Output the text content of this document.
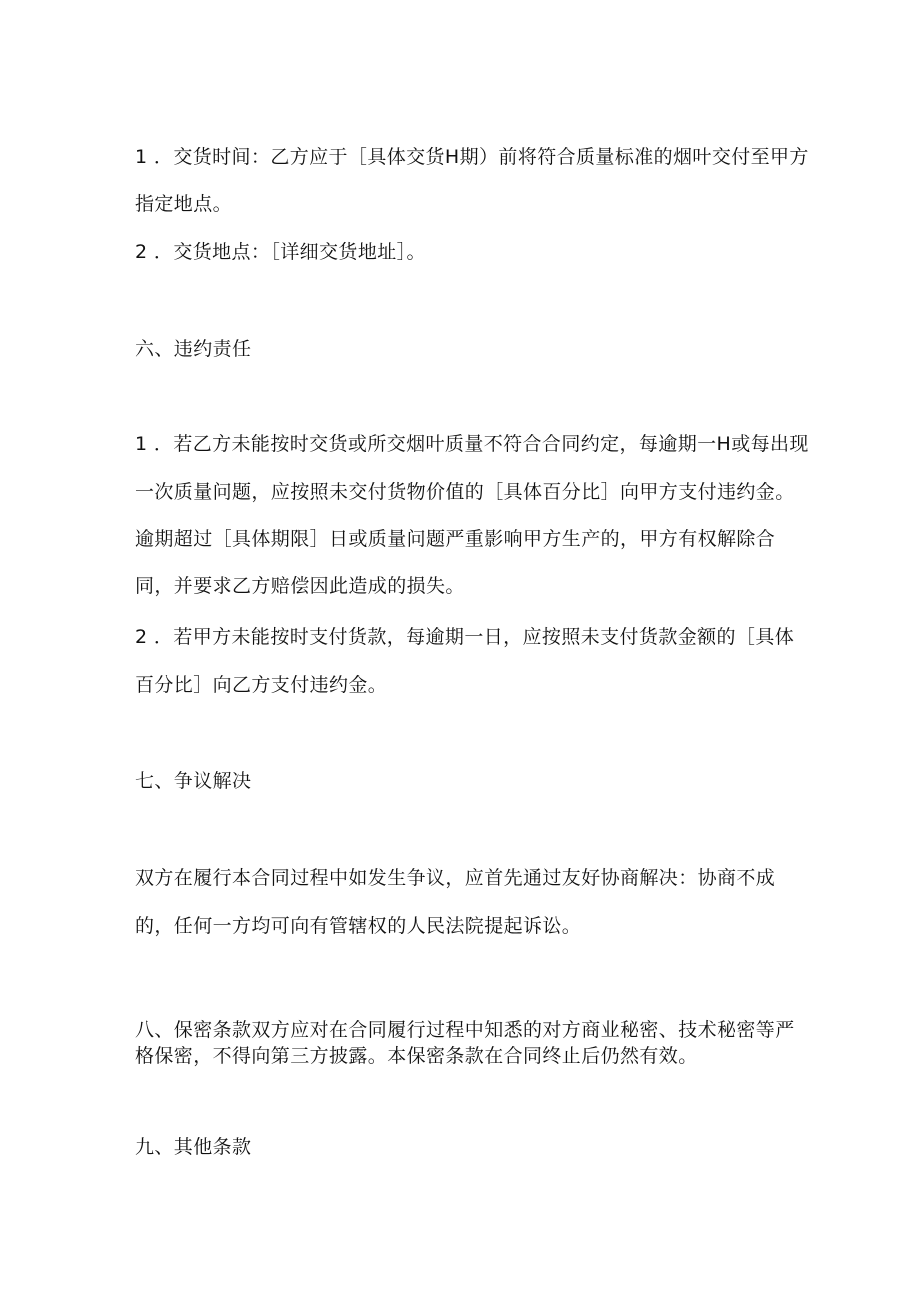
1 ．交货时间：乙方应于［具体交货H期）前将符合质量标准的烟叶交付至甲方
指定地点。
2 ．交货地点：［详细交货地址］。
六、违约责任
1 ．若乙方未能按时交货或所交烟叶质量不符合合同约定，每逾期一H或每出现
一次质量问题，应按照未交付货物价值的［具体百分比］向甲方支付违约金。
逾期超过［具体期限］日或质量问题严重影响甲方生产的，甲方有权解除合
同，并要求乙方赔偿因此造成的损失。
2 ．若甲方未能按时支付货款，每逾期一日，应按照未支付货款金额的［具体
百分比］向乙方支付违约金。
七、争议解决
双方在履行本合同过程中如发生争议，应首先通过友好协商解决：协商不成
的，任何一方均可向有管辖权的人民法院提起诉讼。
八、保密条款双方应对在合同履行过程中知悉的对方商业秘密、技术秘密等严
格保密，不得向第三方披露。本保密条款在合同终止后仍然有效。
九、其他条款
